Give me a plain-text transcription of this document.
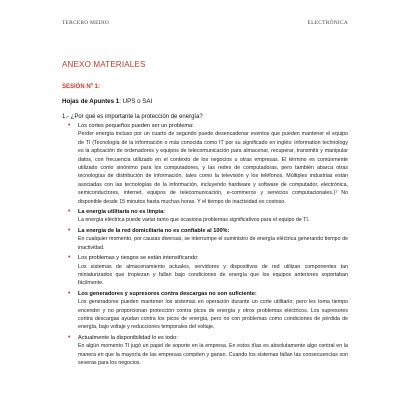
TERCERO MEDIO	ELECTRÓNICA
ANEXO MATERIALES
SESIÓN Nº 1:
Hojas de Apuntes 1: UPS o SAI
1.- ¿Por qué es importante la protección de energía?
• Los cortes pequeños pueden ser un problema:
Perder energía incluso por un cuarto de segundo puede desencadenar eventos que pueden mantener el equipo de TI (Tecnología de la información o más conocida como IT por su significado en inglés: information technology es la aplicación de ordenadores y equipos de telecomunicación para almacenar, recuperar, transmitir y manipular datos, con frecuencia utilizado en el contexto de los negocios u otras empresas. El término es comúnmente utilizado como sinónimo para los computadores, y las redes de computadoras, pero también abarca otras tecnologías de distribución de información, tales como la televisión y los teléfonos. Múltiples industrias están asociadas con las tecnologías de la información, incluyendo hardware y software de computador, electrónica, semiconductores, internet, equipos de telecomunicación, e-commerce y servicios computacionales.)¹ No disponible desde 15 minutos hasta muchas horas. Y el tiempo de inactividad es costoso.
• La energía utilitaria no es limpia:
La energía eléctrica puede variar tanto que ocasiona problemas significativos para el equipo de TI.
• La energía de la red domiciliaria no es confiable al 100%:
En cualquier momento, por causas diversas, se interrumpe el suministro de energía eléctrica generando tiempo de inactividad.
• Los problemas y riesgos se están intensificando:
Los sistemas de almacenamiento actuales, servidores y dispositivos de red utilizan componentes tan miniaturizados que tropiezan y fallan bajo condiciones de energía que los equipos anteriores soportaban fácilmente.
• Los generadores y supresores contra descargas no son suficiente:
Los generadores pueden mantener los sistemas en operación durante un corte utilitario; pero les toma tiempo encender y no proporcionan protección contra picos de energía y otros problemas eléctricos. Los supresores contra descargas ayudan contra los picos de energía, pero no con problemas como condiciones de pérdida de energía, bajo voltaje y reducciones temporales del voltaje.
• Actualmente la disponibilidad lo es todo:
En algún momento TI jugó un papel de soporte en la empresa. En estos días es absolutamente algo central en la manera en que la mayoría de las empresas compiten y ganan. Cuando los sistemas fallan las consecuencias son severas para los negocios.
